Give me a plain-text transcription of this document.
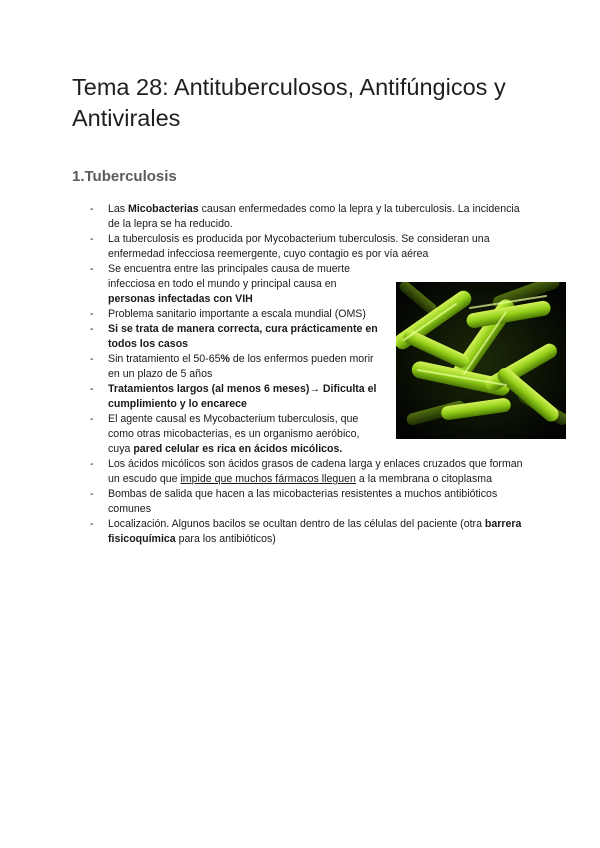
Tema 28: Antituberculosos, Antifúngicos y Antivirales
1.Tuberculosis
- Las Micobacterias causan enfermedades como la lepra y la tuberculosis. La incidencia de la lepra se ha reducido.
- La tuberculosis es producida por Mycobacterium tuberculosis. Se consideran una enfermedad infecciosa reemergente, cuyo contagio es por vía aérea
- Se encuentra entre las principales causa de muerte infecciosa en todo el mundo y principal causa en personas infectadas con VIH
- Problema sanitario importante a escala mundial (OMS)
- Si se trata de manera correcta, cura prácticamente en todos los casos
- Sin tratamiento el 50-65% de los enfermos pueden morir en un plazo de 5 años
- Tratamientos largos (al menos 6 meses)→ Dificulta el cumplimiento y lo encarece
- El agente causal es Mycobacterium tuberculosis, que como otras micobacterias, es un organismo aeróbico, cuya pared celular es rica en ácidos micólicos.
- Los ácidos micólicos son ácidos grasos de cadena larga y enlaces cruzados que forman un escudo que impide que muchos fármacos lleguen a la membrana o citoplasma
- Bombas de salida que hacen a las micobacterias resistentes a muchos antibióticos comunes
- Localización. Algunos bacilos se ocultan dentro de las células del paciente (otra barrera fisicoquímica para los antibióticos)
